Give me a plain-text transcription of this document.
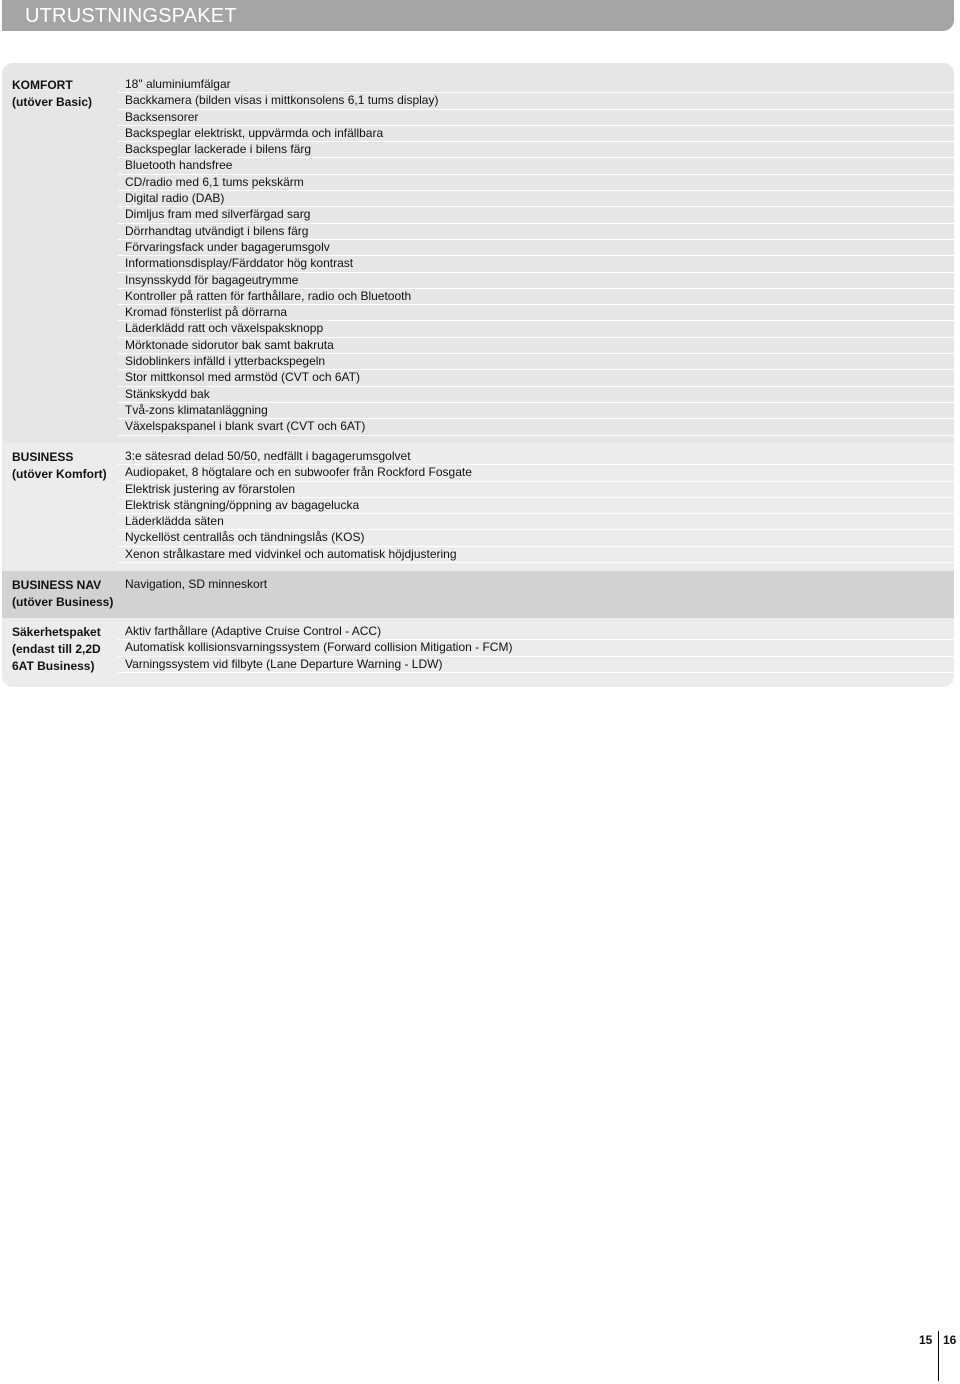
UTRUSTNINGSPAKET
KOMFORT
(utöver Basic)
18" aluminiumfälgar
Backkamera (bilden visas i mittkonsolens 6,1 tums display)
Backsensorer
Backspeglar elektriskt, uppvärmda och infällbara
Backspeglar lackerade i bilens färg
Bluetooth handsfree
CD/radio med 6,1 tums pekskärm
Digital radio (DAB)
Dimljus fram med silverfärgad sarg
Dörrhandtag utvändigt i bilens färg
Förvaringsfack under bagagerumsgolv
Informationsdisplay/Färddator hög kontrast
Insynsskydd för bagageutrymme
Kontroller på ratten för farthållare, radio och Bluetooth
Kromad fönsterlist på dörrarna
Läderklädd ratt och växelspaksknopp
Mörktonade sidorutor bak samt bakruta
Sidoblinkers infälld i ytterbackspegeln
Stor mittkonsol med armstöd (CVT och 6AT)
Stänkskydd bak
Två-zons klimatanläggning
Växelspakspanel i blank svart (CVT och 6AT)
BUSINESS
(utöver Komfort)
3:e sätesrad delad 50/50, nedfällt i bagagerumsgolvet
Audiopaket, 8 högtalare och en subwoofer från Rockford Fosgate
Elektrisk justering av förarstolen
Elektrisk stängning/öppning av bagagelucka
Läderklädda säten
Nyckellöst centrallås och tändningslås (KOS)
Xenon strålkastare med vidvinkel och automatisk höjdjustering
BUSINESS NAV
(utöver Business)
Navigation, SD minneskort
Säkerhetspaket
(endast till 2,2D
6AT Business)
Aktiv farthållare (Adaptive Cruise Control - ACC)
Automatisk kollisionsvarningssystem (Forward collision Mitigation - FCM)
Varningssystem vid filbyte (Lane Departure Warning - LDW)
15 16
